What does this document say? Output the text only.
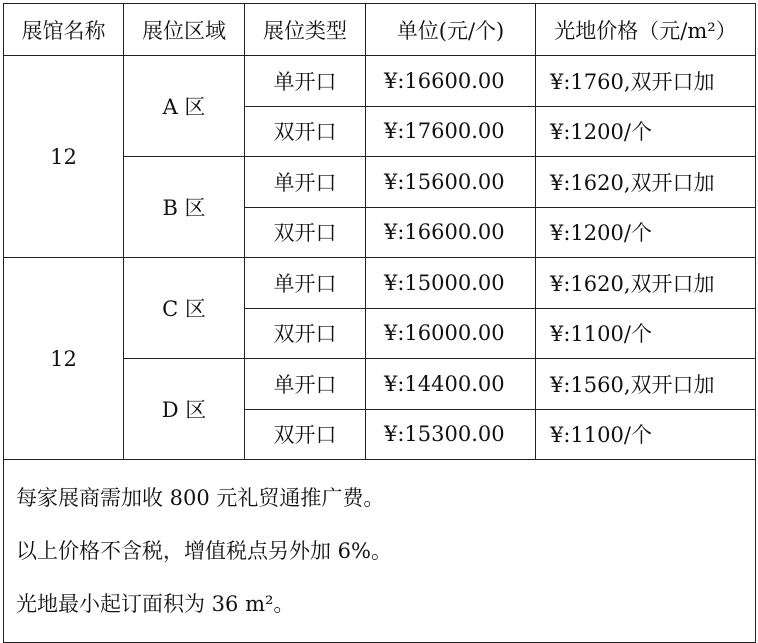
展馆名称	展位区域	展位类型	单位(元/个)	光地价格（元/m²）
12	A 区	单开口	¥:16600.00	¥:1760,双开口加
		双开口	¥:17600.00	¥:1200/个
	B 区	单开口	¥:15600.00	¥:1620,双开口加
		双开口	¥:16600.00	¥:1200/个
12	C 区	单开口	¥:15000.00	¥:1620,双开口加
		双开口	¥:16000.00	¥:1100/个
	D 区	单开口	¥:14400.00	¥:1560,双开口加
		双开口	¥:15300.00	¥:1100/个

每家展商需加收 800 元礼贸通推广费。
以上价格不含税，增值税点另外加 6%。
光地最小起订面积为 36 m²。				
